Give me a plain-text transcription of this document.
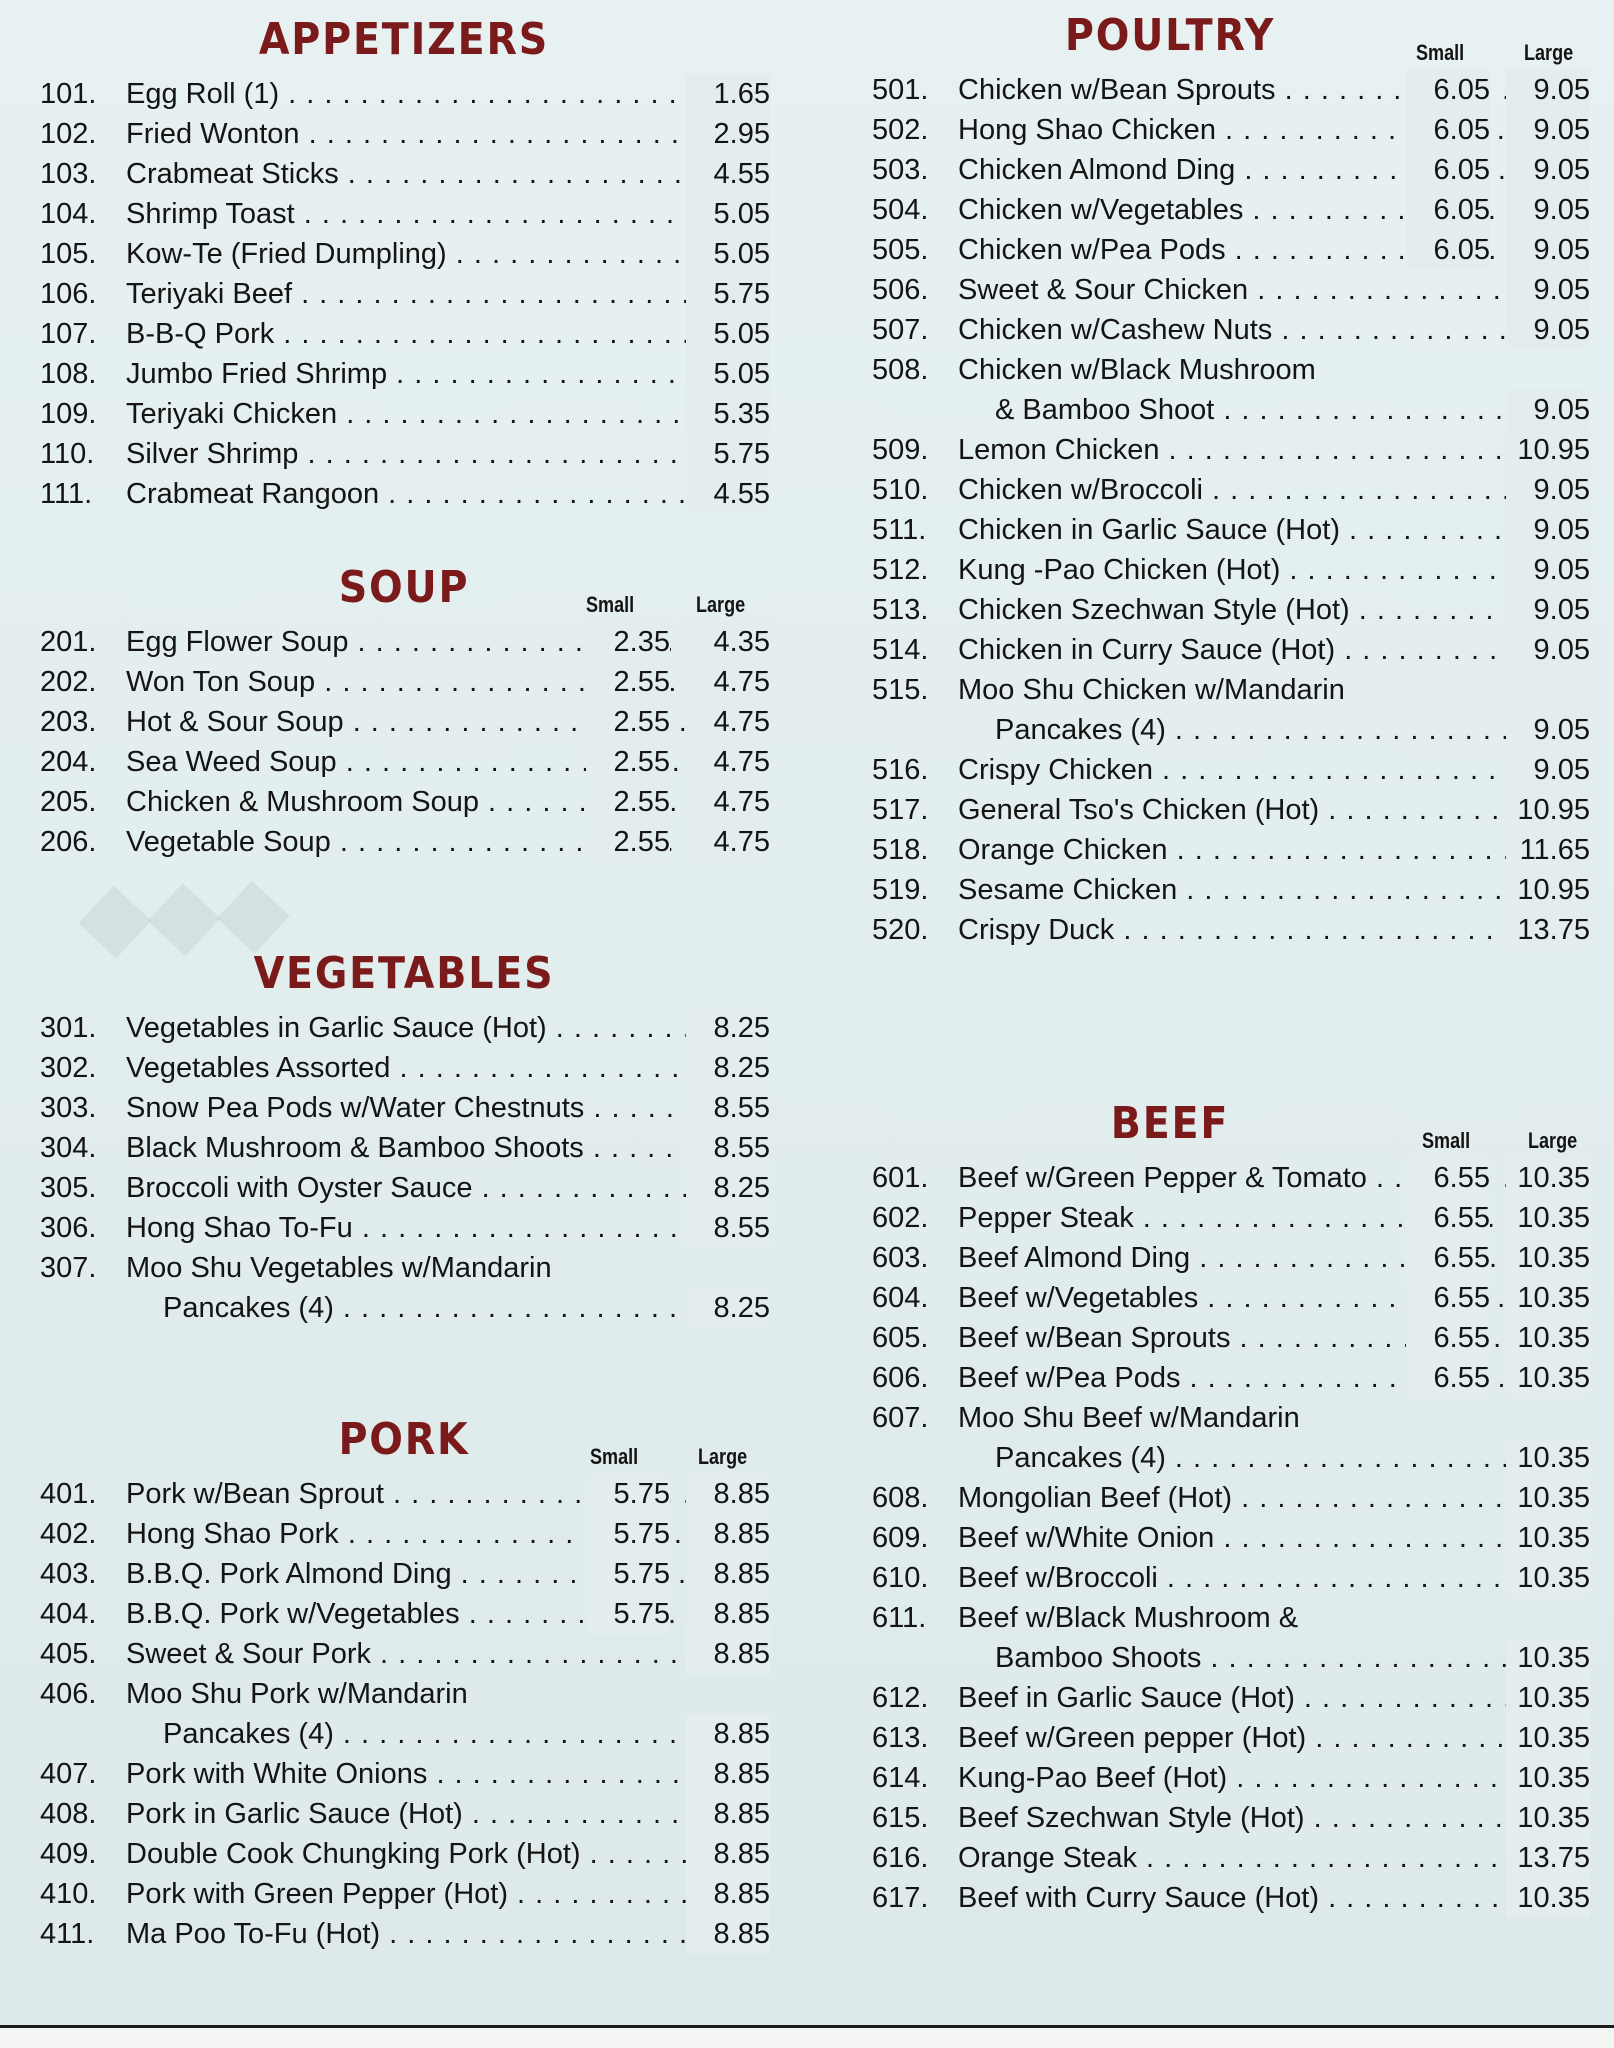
◆◆◆
APPETIZERS
101.	Egg Roll (1) . . .	1.65
102.	Fried Wonton . . .	2.95
103.	Crabmeat Sticks . . .	4.55
104.	Shrimp Toast . . .	5.05
105.	Kow-Te (Fried Dumpling) . . .	5.05
106.	Teriyaki Beef . . .	5.75
107.	B-B-Q Pork . . .	5.05
108.	Jumbo Fried Shrimp . . .	5.05
109.	Teriyaki Chicken . . .	5.35
110.	Silver Shrimp . . .	5.75
111.	Crabmeat Rangoon . . .	4.55
SOUP	Small	Large
201.	Egg Flower Soup . . .	2.35	4.35
202.	Won Ton Soup . . .	2.55	4.75
203.	Hot & Sour Soup . . .	2.55	4.75
204.	Sea Weed Soup . . .	2.55	4.75
205.	Chicken & Mushroom Soup . . .	2.55	4.75
206.	Vegetable Soup . . .	2.55	4.75
VEGETABLES
301.	Vegetables in Garlic Sauce (Hot) . . .	8.25
302.	Vegetables Assorted . . .	8.25
303.	Snow Pea Pods w/Water Chestnuts . . .	8.55
304.	Black Mushroom & Bamboo Shoots . . .	8.55
305.	Broccoli with Oyster Sauce . . .	8.25
306.	Hong Shao To-Fu . . .	8.55
307.	Moo Shu Vegetables w/Mandarin
Pancakes (4) . . .	8.25
PORK	Small	Large
401.	Pork w/Bean Sprout . . .	5.75	8.85
402.	Hong Shao Pork . . .	5.75	8.85
403.	B.B.Q. Pork Almond Ding . . .	5.75	8.85
404.	B.B.Q. Pork w/Vegetables . . .	5.75	8.85
405.	Sweet & Sour Pork . . .	8.85
406.	Moo Shu Pork w/Mandarin
Pancakes (4) . . .	8.85
407.	Pork with White Onions . . .	8.85
408.	Pork in Garlic Sauce (Hot) . . .	8.85
409.	Double Cook Chungking Pork (Hot) . . .	8.85
410.	Pork with Green Pepper (Hot) . . .	8.85
411.	Ma Poo To-Fu (Hot) . . .	8.85
POULTRY	Small	Large
501.	Chicken w/Bean Sprouts . . .	6.05	9.05
502.	Hong Shao Chicken . . .	6.05	9.05
503.	Chicken Almond Ding . . .	6.05	9.05
504.	Chicken w/Vegetables . . .	6.05	9.05
505.	Chicken w/Pea Pods . . .	6.05	9.05
506.	Sweet & Sour Chicken . . .	9.05
507.	Chicken w/Cashew Nuts . . .	9.05
508.	Chicken w/Black Mushroom
& Bamboo Shoot . . .	9.05
509.	Lemon Chicken . . .	10.95
510.	Chicken w/Broccoli . . .	9.05
511.	Chicken in Garlic Sauce (Hot) . . .	9.05
512.	Kung -Pao Chicken (Hot) . . .	9.05
513.	Chicken Szechwan Style (Hot) . . .	9.05
514.	Chicken in Curry Sauce (Hot) . . .	9.05
515.	Moo Shu Chicken w/Mandarin
Pancakes (4) . . .	9.05
516.	Crispy Chicken . . .	9.05
517.	General Tso's Chicken (Hot) . . .	10.95
518.	Orange Chicken . . .	11.65
519.	Sesame Chicken . . .	10.95
520.	Crispy Duck . . .	13.75
BEEF	Small	Large
601.	Beef w/Green Pepper & Tomato . . .	6.55 10.35
602.	Pepper Steak . . .	6.55 10.35
603.	Beef Almond Ding . . .	6.55 10.35
604.	Beef w/Vegetables . . .	6.55 10.35
605.	Beef w/Bean Sprouts . . .	6.55 10.35
606.	Beef w/Pea Pods . . .	6.55 10.35
607.	Moo Shu Beef w/Mandarin
Pancakes (4) . . .	10.35
608.	Mongolian Beef (Hot) . . .	10.35
609.	Beef w/White Onion . . .	10.35
610.	Beef w/Broccoli . . .	10.35
611.	Beef w/Black Mushroom &
Bamboo Shoots . . .	10.35
612.	Beef in Garlic Sauce (Hot) . . .	10.35
613.	Beef w/Green pepper (Hot) . . .	10.35
614.	Kung-Pao Beef (Hot) . . .	10.35
615.	Beef Szechwan Style (Hot) . . .	10.35
616.	Orange Steak . . .	13.75
617.	Beef with Curry Sauce (Hot) . . .	10.35
